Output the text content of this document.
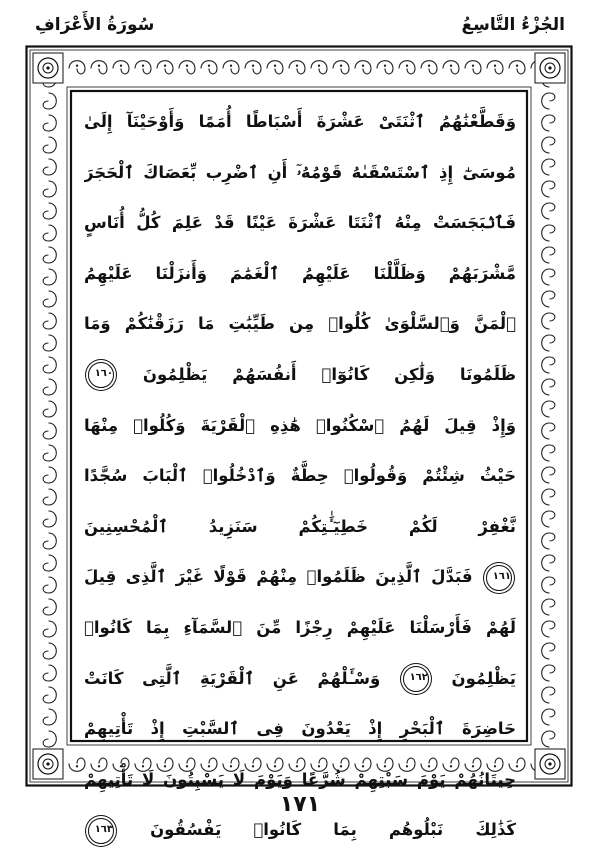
الجُزْءُ التَّاسِعُ
سُورَةُ الأَعْرَافِ
وَقَطَّعْنَٰهُمُ ٱثْنَتَىْ عَشْرَةَ أَسْبَاطًا أُمَمًا وَأَوْحَيْنَآ إِلَىٰ
مُوسَىٰٓ إِذِ ٱسْتَسْقَىٰهُ قَوْمُهُۥٓ أَنِ ٱضْرِب بِّعَصَاكَ ٱلْحَجَرَ
فَٱنۢبَجَسَتْ مِنْهُ ٱثْنَتَا عَشْرَةَ عَيْنًا قَدْ عَلِمَ كُلُّ أُنَاسٍ
مَّشْرَبَهُمْ وَظَلَّلْنَا عَلَيْهِمُ ٱلْغَمَٰمَ وَأَنزَلْنَا عَلَيْهِمُ
ٱلْمَنَّ وَٱلسَّلْوَىٰ كُلُوا۟ مِن طَيِّبَٰتِ مَا رَزَقْنَٰكُمْ وَمَا
ظَلَمُونَا وَلَٰكِن كَانُوٓا۟ أَنفُسَهُمْ يَظْلِمُونَ ١٦٠
وَإِذْ قِيلَ لَهُمُ ٱسْكُنُوا۟ هَٰذِهِ ٱلْقَرْيَةَ وَكُلُوا۟ مِنْهَا
حَيْثُ شِئْتُمْ وَقُولُوا۟ حِطَّةٌ وَٱدْخُلُوا۟ ٱلْبَابَ سُجَّدًا
نَّغْفِرْ لَكُمْ خَطِيٓـَٰٔتِكُمْ سَنَزِيدُ ٱلْمُحْسِنِينَ
١٦١ فَبَدَّلَ ٱلَّذِينَ ظَلَمُوا۟ مِنْهُمْ قَوْلًا غَيْرَ ٱلَّذِى قِيلَ
لَهُمْ فَأَرْسَلْنَا عَلَيْهِمْ رِجْزًا مِّنَ ٱلسَّمَآءِ بِمَا كَانُوا۟
يَظْلِمُونَ ١٦٢ وَسْـَٔلْهُمْ عَنِ ٱلْقَرْيَةِ ٱلَّتِى كَانَتْ
حَاضِرَةَ ٱلْبَحْرِ إِذْ يَعْدُونَ فِى ٱلسَّبْتِ إِذْ تَأْتِيهِمْ
حِيتَانُهُمْ يَوْمَ سَبْتِهِمْ شُرَّعًا وَيَوْمَ لَا يَسْبِتُونَ لَا تَأْتِيهِمْ
كَذَٰلِكَ نَبْلُوهُم بِمَا كَانُوا۟ يَفْسُقُونَ ١٦٣
١٧١
